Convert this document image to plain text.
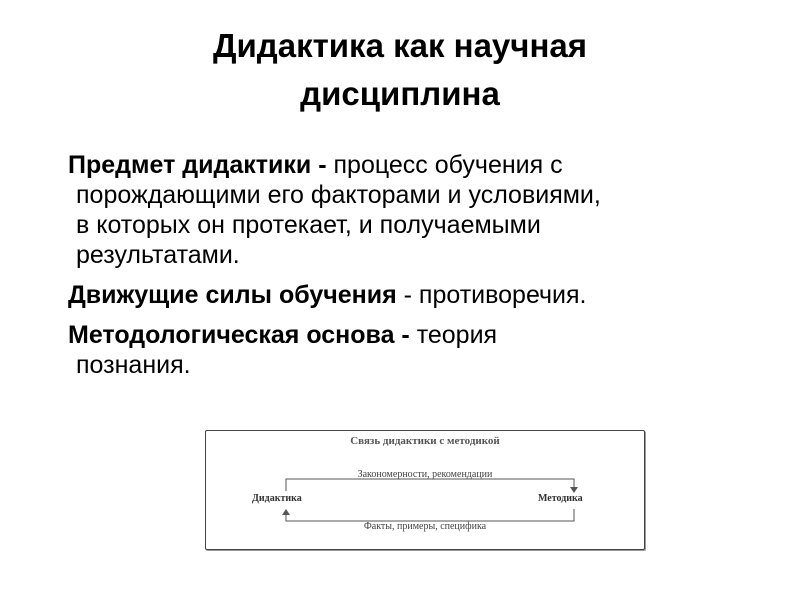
Дидактика как научная
дисциплина

Предмет дидактики - процесс обучения с
порождающими его факторами и условиями,
в которых он протекает, и получаемыми
результатами.

Движущие силы обучения - противоречия.

Методологическая основа - теория
познания.

Связь дидактики с методикой
Закономерности, рекомендации
Дидактика	Методика
Факты, примеры, специфика
